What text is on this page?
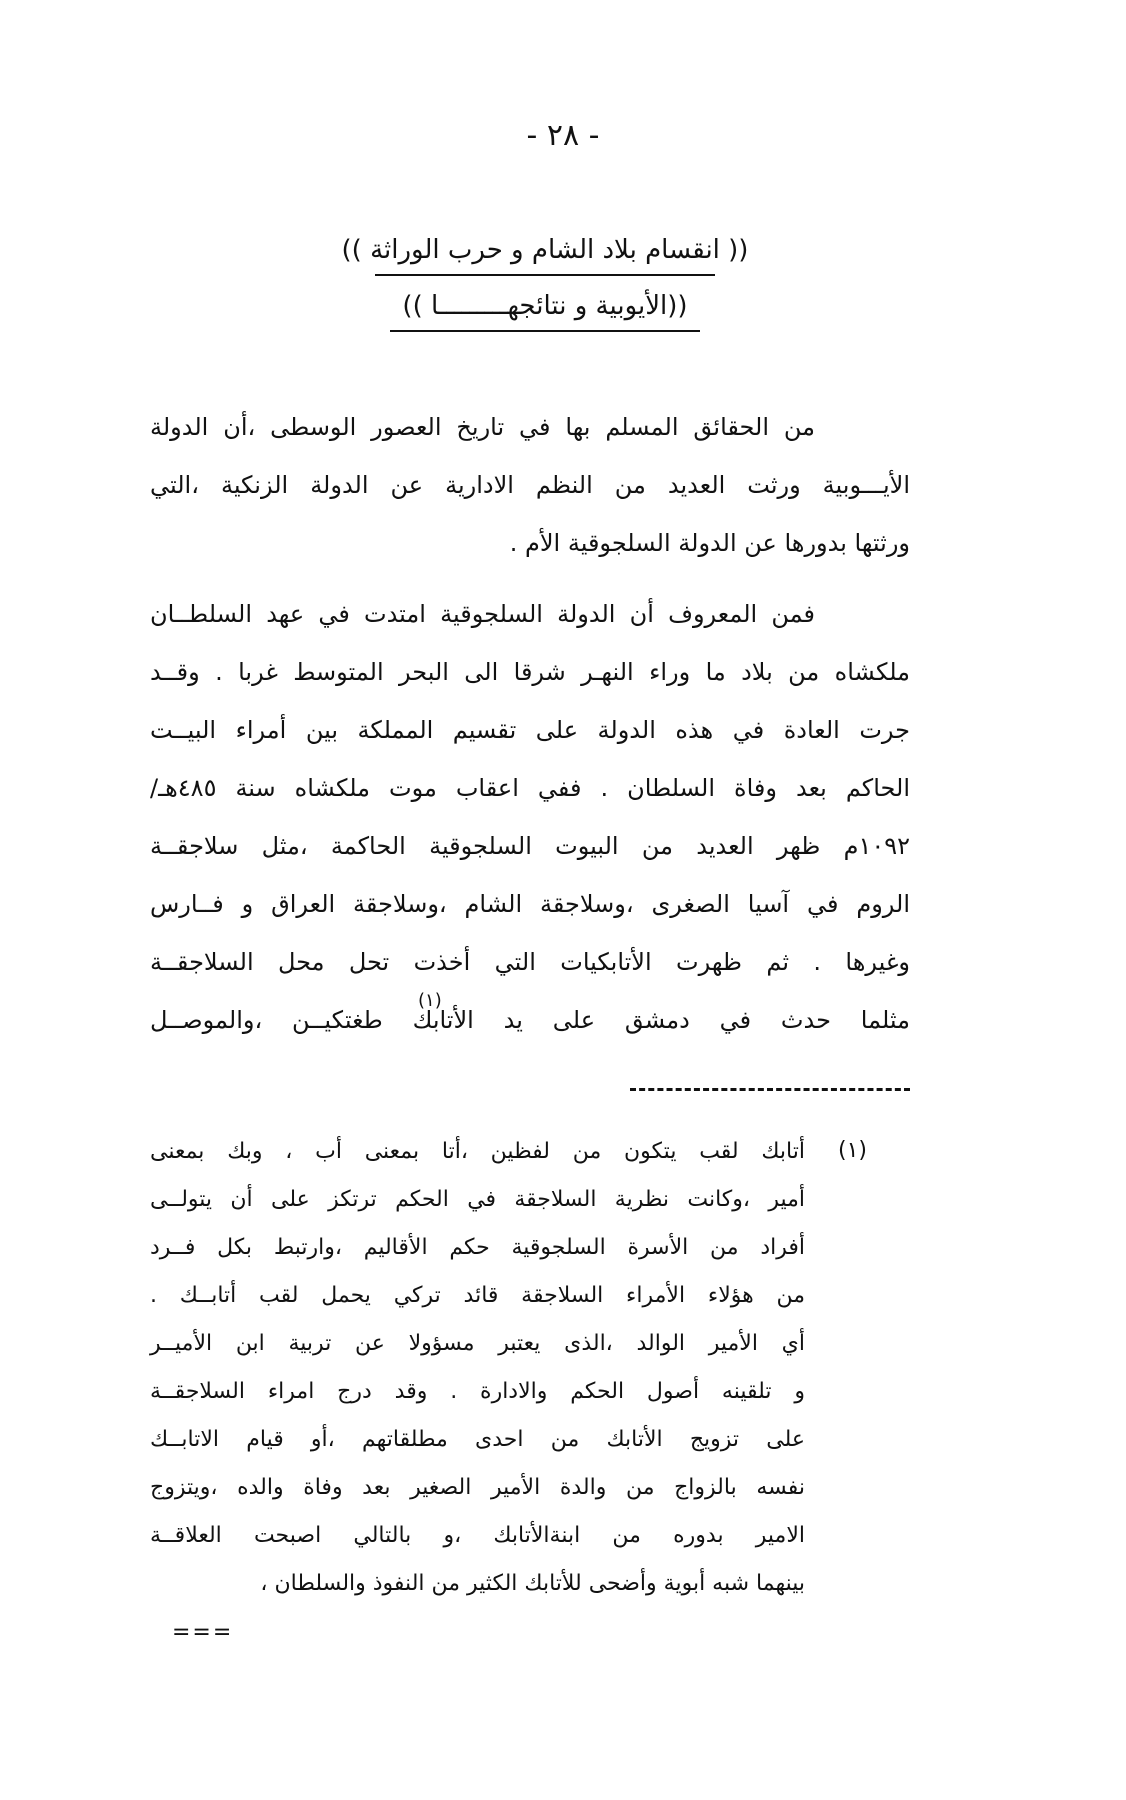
- ٢٨ -
(( انقسام بلاد الشام و حرب الوراثة ))
((الأيوبية و نتائجهـــــــــا ))
من الحقائق المسلم بها في تاريخ العصور الوسطى ،أن الدولة
الأيـــوبية ورثت العديد من النظم الادارية عن الدولة الزنكية ،التي
ورثتها بدورها عن الدولة السلجوقية الأم .
فمن المعروف أن الدولة السلجوقية امتدت في عهد السلطــان
ملكشاه من بلاد ما وراء النهـر شرقا الى البحر المتوسط غربا . وقــد
جرت العادة في هذه الدولة على تقسيم المملكة بين أمراء البيــت
الحاكم بعد وفاة السلطان . ففي اعقاب موت ملكشاه سنة ٤٨٥هـ/
١٠٩٢م ظهر العديد من البيوت السلجوقية الحاكمة ،مثل سلاجقــة
الروم في آسيا الصغرى ،وسلاجقة الشام ،وسلاجقة العراق و فــارس
وغيرها . ثم ظهرت الأتابكيات التي أخذت تحل محل السلاجقــة
مثلما حدث في دمشق على يد الأتابك طغتكيــن ،والموصــل
(١)
(١)
أتابك لقب يتكون من لفظين ،أتا بمعنى أب ، وبك بمعنى
أمير ،وكانت نظرية السلاجقة في الحكم ترتكز على أن يتولــى
أفراد من الأسرة السلجوقية حكم الأقاليم ،وارتبط بكل فــرد
من هؤلاء الأمراء السلاجقة قائد تركي يحمل لقب أتابــك .
أي الأمير الوالد ،الذى يعتبر مسؤولا عن تربية ابن الأميــر
و تلقينه أصول الحكم والادارة . وقد درج امراء السلاجقــة
على تزويج الأتابك من احدى مطلقاتهم ،أو قيام الاتابــك
نفسه بالزواج من والدة الأمير الصغير بعد وفاة والده ،ويتزوج
الامير بدوره من ابنةالأتابك ،و بالتالي اصبحت العلاقــة
بينهما شبه أبوية وأضحى للأتابك الكثير من النفوذ والسلطان ،
===
